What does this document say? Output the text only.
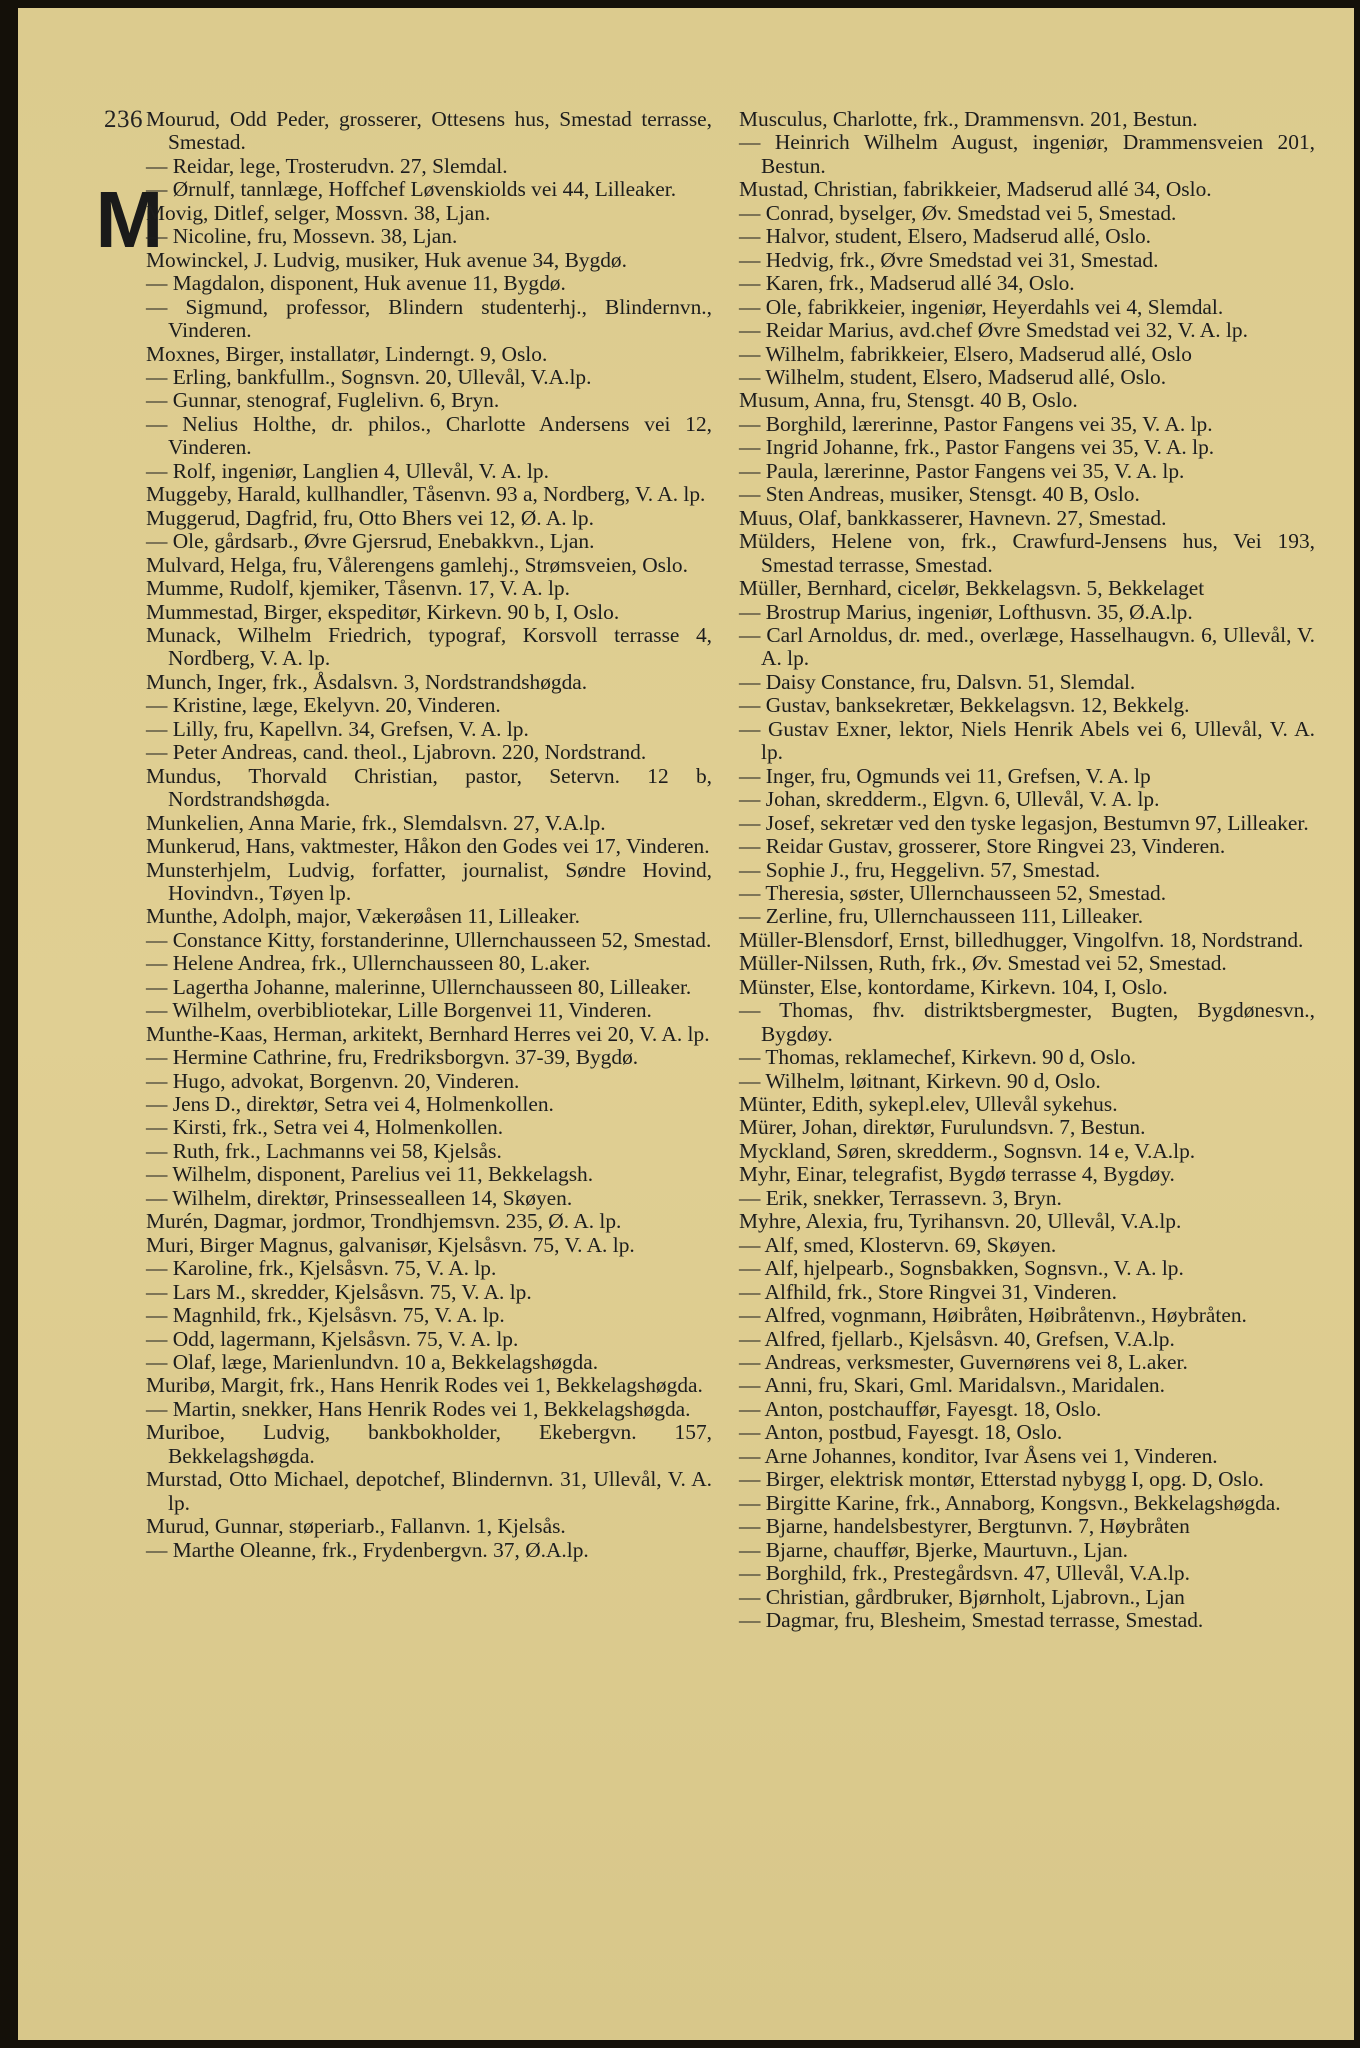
236
M

Mourud, Odd Peder, grosserer, Ottesens hus, Smestad terrasse, Smestad.

— Reidar, lege, Trosterudvn. 27, Slemdal.

— Ørnulf, tannlæge, Hoffchef Løvenskiolds vei 44, Lilleaker.

Movig, Ditlef, selger, Mossvn. 38, Ljan.

— Nicoline, fru, Mossevn. 38, Ljan.

Mowinckel, J. Ludvig, musiker, Huk avenue 34, Bygdø.

— Magdalon, disponent, Huk avenue 11, Bygdø.

— Sigmund, professor, Blindern studenterhj., Blindernvn., Vinderen.

Moxnes, Birger, installatør, Linderngt. 9, Oslo.

— Erling, bankfullm., Sognsvn. 20, Ullevål, V.A.lp.

— Gunnar, stenograf, Fuglelivn. 6, Bryn.

— Nelius Holthe, dr. philos., Charlotte Andersens vei 12, Vinderen.

— Rolf, ingeniør, Langlien 4, Ullevål, V. A. lp.

Muggeby, Harald, kullhandler, Tåsenvn. 93 a, Nordberg, V. A. lp.

Muggerud, Dagfrid, fru, Otto Bhers vei 12, Ø. A. lp.

— Ole, gårdsarb., Øvre Gjersrud, Enebakkvn., Ljan.

Mulvard, Helga, fru, Vålerengens gamlehj., Strømsveien, Oslo.

Mumme, Rudolf, kjemiker, Tåsenvn. 17, V. A. lp.

Mummestad, Birger, ekspeditør, Kirkevn. 90 b, I, Oslo.

Munack, Wilhelm Friedrich, typograf, Korsvoll terrasse 4, Nordberg, V. A. lp.

Munch, Inger, frk., Åsdalsvn. 3, Nordstrandshøgda.

— Kristine, læge, Ekelyvn. 20, Vinderen.

— Lilly, fru, Kapellvn. 34, Grefsen, V. A. lp.

— Peter Andreas, cand. theol., Ljabrovn. 220, Nordstrand.

Mundus, Thorvald Christian, pastor, Setervn. 12 b, Nordstrandshøgda.

Munkelien, Anna Marie, frk., Slemdalsvn. 27, V.A.lp.

Munkerud, Hans, vaktmester, Håkon den Godes vei 17, Vinderen.

Munsterhjelm, Ludvig, forfatter, journalist, Søndre Hovind, Hovindvn., Tøyen lp.

Munthe, Adolph, major, Vækerøåsen 11, Lilleaker.

— Constance Kitty, forstanderinne, Ullernchausseen 52, Smestad.

— Helene Andrea, frk., Ullernchausseen 80, L.aker.

— Lagertha Johanne, malerinne, Ullernchausseen 80, Lilleaker.

— Wilhelm, overbibliotekar, Lille Borgenvei 11, Vinderen.

Munthe-Kaas, Herman, arkitekt, Bernhard Herres vei 20, V. A. lp.

— Hermine Cathrine, fru, Fredriksborgvn. 37-39, Bygdø.

— Hugo, advokat, Borgenvn. 20, Vinderen.

— Jens D., direktør, Setra vei 4, Holmenkollen.

— Kirsti, frk., Setra vei 4, Holmenkollen.

— Ruth, frk., Lachmanns vei 58, Kjelsås.

— Wilhelm, disponent, Parelius vei 11, Bekkelagsh.

— Wilhelm, direktør, Prinsessealleen 14, Skøyen.

Murén, Dagmar, jordmor, Trondhjemsvn. 235, Ø. A. lp.

Muri, Birger Magnus, galvanisør, Kjelsåsvn. 75, V. A. lp.

— Karoline, frk., Kjelsåsvn. 75, V. A. lp.

— Lars M., skredder, Kjelsåsvn. 75, V. A. lp.

— Magnhild, frk., Kjelsåsvn. 75, V. A. lp.

— Odd, lagermann, Kjelsåsvn. 75, V. A. lp.

— Olaf, læge, Marienlundvn. 10 a, Bekkelagshøgda.

Muribø, Margit, frk., Hans Henrik Rodes vei 1, Bekkelagshøgda.

— Martin, snekker, Hans Henrik Rodes vei 1, Bekkelagshøgda.

Muriboe, Ludvig, bankbokholder, Ekebergvn. 157, Bekkelagshøgda.

Murstad, Otto Michael, depotchef, Blindernvn. 31, Ullevål, V. A. lp.

Murud, Gunnar, støperiarb., Fallanvn. 1, Kjelsås.

— Marthe Oleanne, frk., Frydenbergvn. 37, Ø.A.lp.

Musculus, Charlotte, frk., Drammensvn. 201, Bestun.

— Heinrich Wilhelm August, ingeniør, Drammensveien 201, Bestun.

Mustad, Christian, fabrikkeier, Madserud allé 34, Oslo.

— Conrad, byselger, Øv. Smedstad vei 5, Smestad.

— Halvor, student, Elsero, Madserud allé, Oslo.

— Hedvig, frk., Øvre Smedstad vei 31, Smestad.

— Karen, frk., Madserud allé 34, Oslo.

— Ole, fabrikkeier, ingeniør, Heyerdahls vei 4, Slemdal.

— Reidar Marius, avd.chef Øvre Smedstad vei 32, V. A. lp.

— Wilhelm, fabrikkeier, Elsero, Madserud allé, Oslo

— Wilhelm, student, Elsero, Madserud allé, Oslo.

Musum, Anna, fru, Stensgt. 40 B, Oslo.

— Borghild, lærerinne, Pastor Fangens vei 35, V. A. lp.

— Ingrid Johanne, frk., Pastor Fangens vei 35, V. A. lp.

— Paula, lærerinne, Pastor Fangens vei 35, V. A. lp.

— Sten Andreas, musiker, Stensgt. 40 B, Oslo.

Muus, Olaf, bankkasserer, Havnevn. 27, Smestad.

Mülders, Helene von, frk., Crawfurd-Jensens hus, Vei 193, Smestad terrasse, Smestad.

Müller, Bernhard, cicelør, Bekkelagsvn. 5, Bekkelaget

— Brostrup Marius, ingeniør, Lofthusvn. 35, Ø.A.lp.

— Carl Arnoldus, dr. med., overlæge, Hasselhaugvn. 6, Ullevål, V. A. lp.

— Daisy Constance, fru, Dalsvn. 51, Slemdal.

— Gustav, banksekretær, Bekkelagsvn. 12, Bekkelg.

— Gustav Exner, lektor, Niels Henrik Abels vei 6, Ullevål, V. A. lp.

— Inger, fru, Ogmunds vei 11, Grefsen, V. A. lp

— Johan, skredderm., Elgvn. 6, Ullevål, V. A. lp.

— Josef, sekretær ved den tyske legasjon, Bestumvn 97, Lilleaker.

— Reidar Gustav, grosserer, Store Ringvei 23, Vinderen.

— Sophie J., fru, Heggelivn. 57, Smestad.

— Theresia, søster, Ullernchausseen 52, Smestad.

— Zerline, fru, Ullernchausseen 111, Lilleaker.

Müller-Blensdorf, Ernst, billedhugger, Vingolfvn. 18, Nordstrand.

Müller-Nilssen, Ruth, frk., Øv. Smestad vei 52, Smestad.

Münster, Else, kontordame, Kirkevn. 104, I, Oslo.

— Thomas, fhv. distriktsbergmester, Bugten, Bygdønesvn., Bygdøy.

— Thomas, reklamechef, Kirkevn. 90 d, Oslo.

— Wilhelm, løitnant, Kirkevn. 90 d, Oslo.

Münter, Edith, sykepl.elev, Ullevål sykehus.

Mürer, Johan, direktør, Furulundsvn. 7, Bestun.

Myckland, Søren, skredderm., Sognsvn. 14 e, V.A.lp.

Myhr, Einar, telegrafist, Bygdø terrasse 4, Bygdøy.

— Erik, snekker, Terrassevn. 3, Bryn.

Myhre, Alexia, fru, Tyrihansvn. 20, Ullevål, V.A.lp.

— Alf, smed, Klostervn. 69, Skøyen.

— Alf, hjelpearb., Sognsbakken, Sognsvn., V. A. lp.

— Alfhild, frk., Store Ringvei 31, Vinderen.

— Alfred, vognmann, Høibråten, Høibråtenvn., Høybråten.

— Alfred, fjellarb., Kjelsåsvn. 40, Grefsen, V.A.lp.

— Andreas, verksmester, Guvernørens vei 8, L.aker.

— Anni, fru, Skari, Gml. Maridalsvn., Maridalen.

— Anton, postchauffør, Fayesgt. 18, Oslo.

— Anton, postbud, Fayesgt. 18, Oslo.

— Arne Johannes, konditor, Ivar Åsens vei 1, Vinderen.

— Birger, elektrisk montør, Etterstad nybygg I, opg. D, Oslo.

— Birgitte Karine, frk., Annaborg, Kongsvn., Bekkelagshøgda.

— Bjarne, handelsbestyrer, Bergtunvn. 7, Høybråten

— Bjarne, chauffør, Bjerke, Maurtuvn., Ljan.

— Borghild, frk., Prestegårdsvn. 47, Ullevål, V.A.lp.

— Christian, gårdbruker, Bjørnholt, Ljabrovn., Ljan

— Dagmar, fru, Blesheim, Smestad terrasse, Smestad.
